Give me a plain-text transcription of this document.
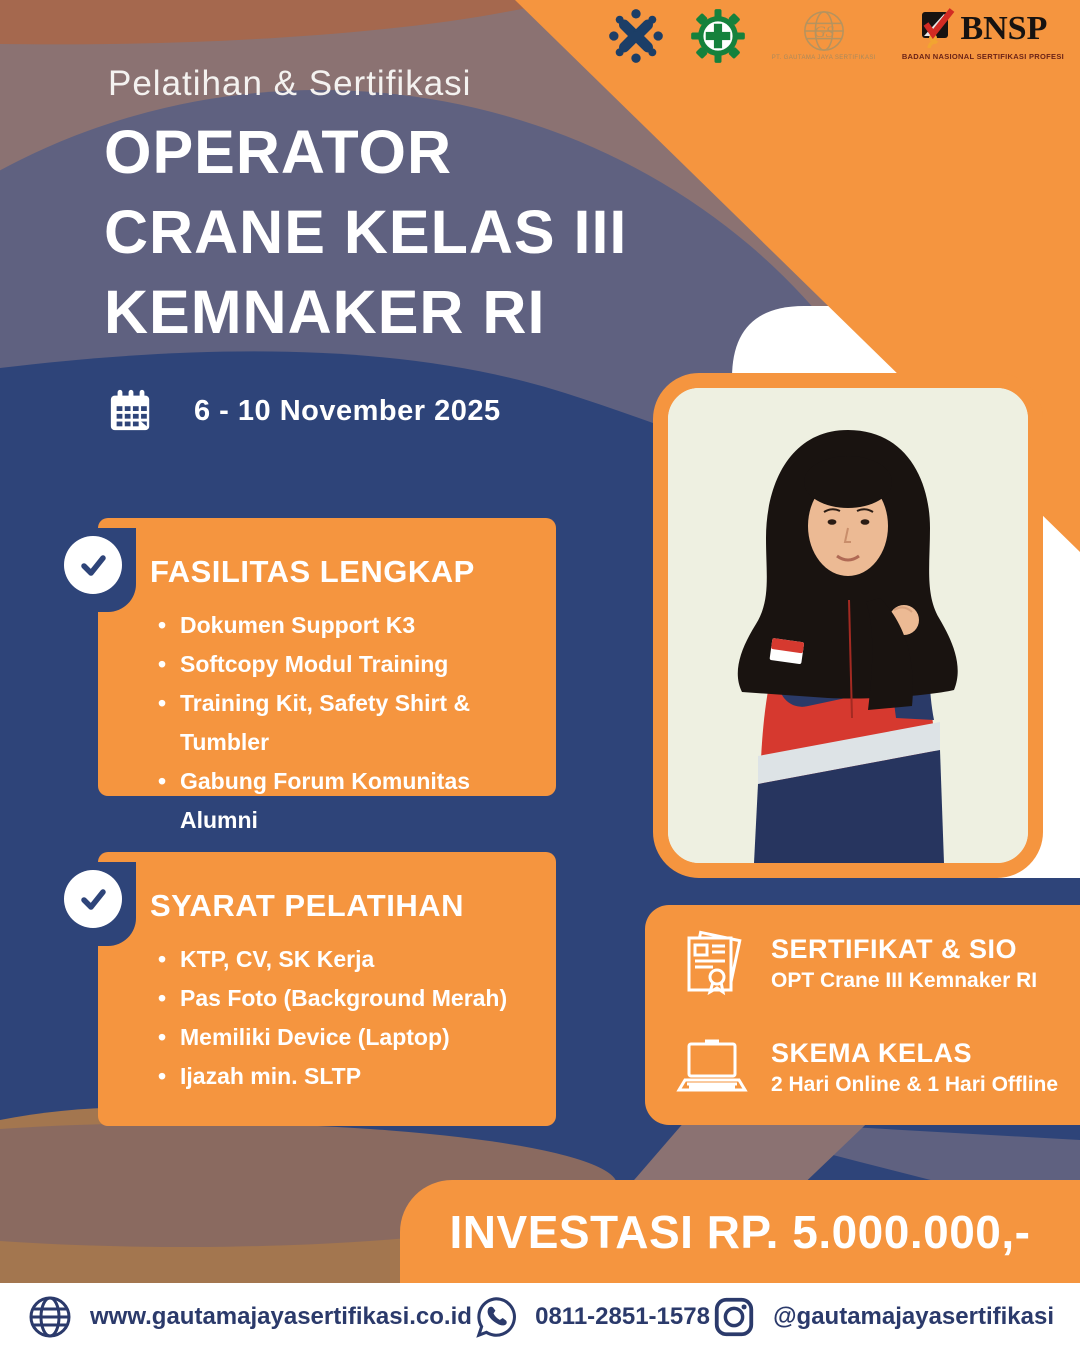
GS
PT. GAUTAMA JAYA SERTIFIKASI
BNSP
BADAN NASIONAL SERTIFIKASI PROFESI
Pelatihan & Sertifikasi
OPERATOR
CRANE KELAS III
KEMNAKER RI
6 - 10 November 2025
FASILITAS LENGKAP
• Dokumen Support K3
• Softcopy Modul Training
• Training Kit, Safety Shirt & Tumbler
• Gabung Forum Komunitas Alumni
SYARAT PELATIHAN
• KTP, CV, SK Kerja
• Pas Foto (Background Merah)
• Memiliki Device (Laptop)
• Ijazah min. SLTP
SERTIFIKAT & SIO
OPT Crane III Kemnaker RI
SKEMA KELAS
2 Hari Online & 1 Hari Offline
INVESTASI RP. 5.000.000,-
www.gautamajayasertifikasi.co.id	0811-2851-1578	@gautamajayasertifikasi
